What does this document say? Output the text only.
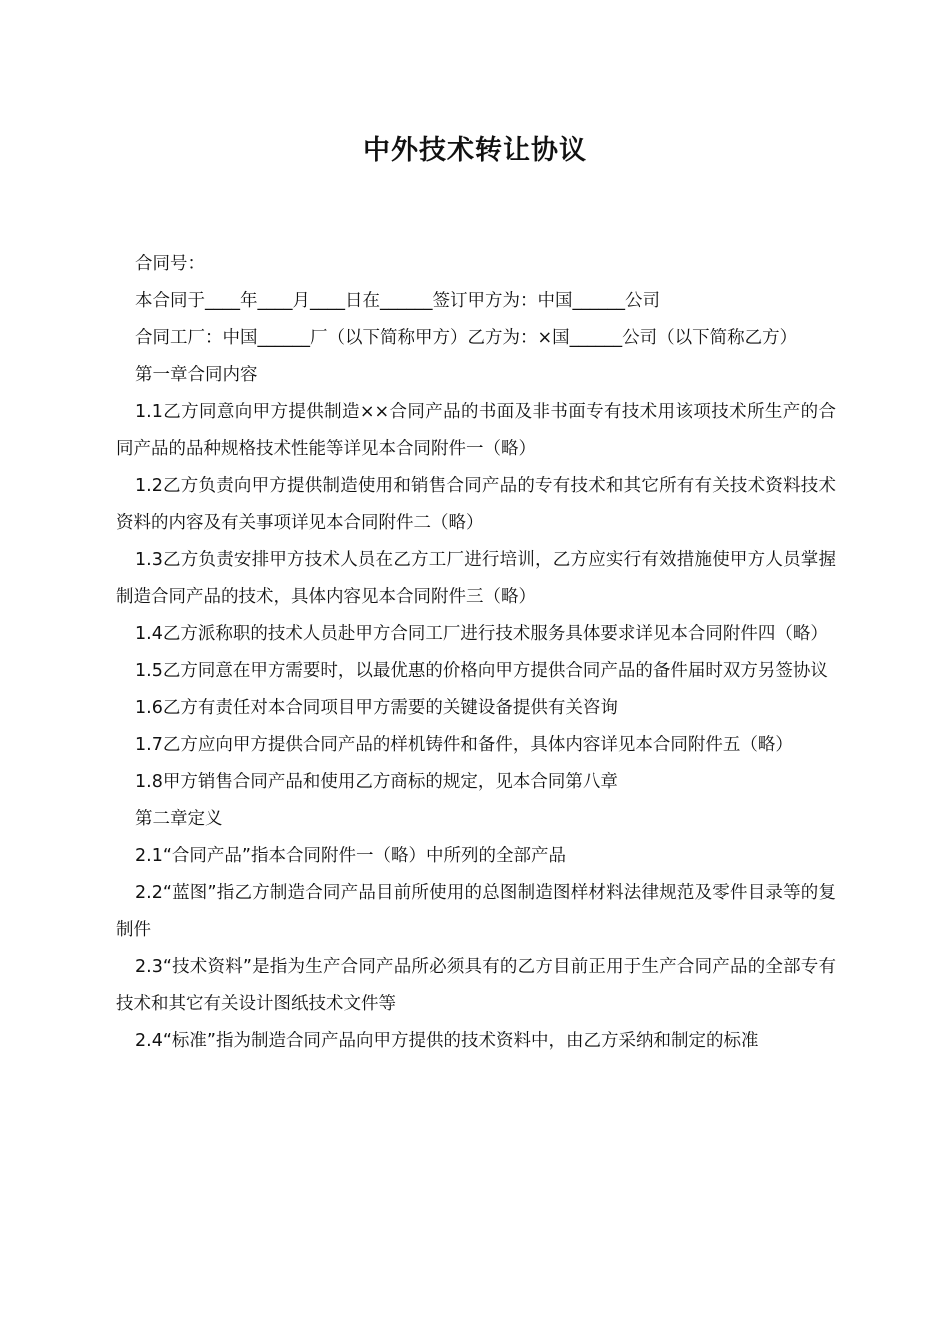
中外技术转让协议

合同号：

本合同于____年____月____日在______签订甲方为：中国______公司

合同工厂：中国______厂（以下简称甲方）乙方为：×国______公司（以下简称乙方）

第一章合同内容

1.1乙方同意向甲方提供制造××合同产品的书面及非书面专有技术用该项技术所生产的合同产品的品种规格技术性能等详见本合同附件一（略）

1.2乙方负责向甲方提供制造使用和销售合同产品的专有技术和其它所有有关技术资料技术资料的内容及有关事项详见本合同附件二（略）

1.3乙方负责安排甲方技术人员在乙方工厂进行培训，乙方应实行有效措施使甲方人员掌握制造合同产品的技术，具体内容见本合同附件三（略）

1.4乙方派称职的技术人员赴甲方合同工厂进行技术服务具体要求详见本合同附件四（略）

1.5乙方同意在甲方需要时，以最优惠的价格向甲方提供合同产品的备件届时双方另签协议

1.6乙方有责任对本合同项目甲方需要的关键设备提供有关咨询

1.7乙方应向甲方提供合同产品的样机铸件和备件，具体内容详见本合同附件五（略）

1.8甲方销售合同产品和使用乙方商标的规定，见本合同第八章

第二章定义

2.1“合同产品”指本合同附件一（略）中所列的全部产品

2.2“蓝图”指乙方制造合同产品目前所使用的总图制造图样材料法律规范及零件目录等的复制件

2.3“技术资料”是指为生产合同产品所必须具有的乙方目前正用于生产合同产品的全部专有技术和其它有关设计图纸技术文件等

2.4“标准”指为制造合同产品向甲方提供的技术资料中，由乙方采纳和制定的标准
